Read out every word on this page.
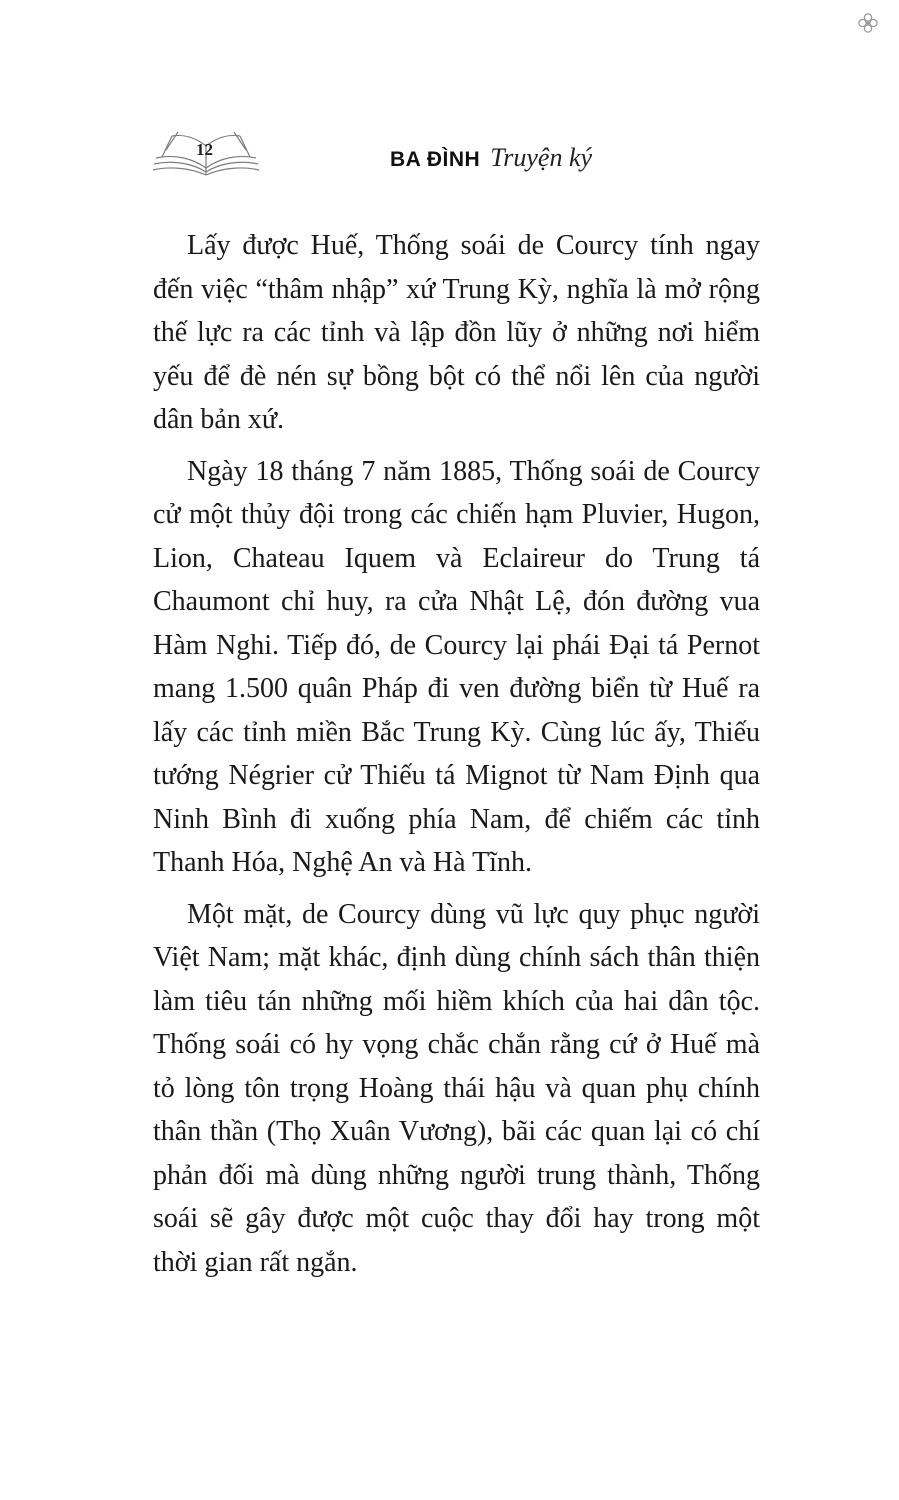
12	BA ĐÌNH Truyện ký

Lấy được Huế, Thống soái de Courcy tính ngay đến việc “thâm nhập” xứ Trung Kỳ, nghĩa là mở rộng thế lực ra các tỉnh và lập đồn lũy ở những nơi hiểm yếu để đè nén sự bồng bột có thể nổi lên của người dân bản xứ.

Ngày 18 tháng 7 năm 1885, Thống soái de Courcy cử một thủy đội trong các chiến hạm Pluvier, Hugon, Lion, Chateau Iquem và Eclaireur do Trung tá Chaumont chỉ huy, ra cửa Nhật Lệ, đón đường vua Hàm Nghi. Tiếp đó, de Courcy lại phái Đại tá Pernot mang 1.500 quân Pháp đi ven đường biển từ Huế ra lấy các tỉnh miền Bắc Trung Kỳ. Cùng lúc ấy, Thiếu tướng Négrier cử Thiếu tá Mignot từ Nam Định qua Ninh Bình đi xuống phía Nam, để chiếm các tỉnh Thanh Hóa, Nghệ An và Hà Tĩnh.

Một mặt, de Courcy dùng vũ lực quy phục người Việt Nam; mặt khác, định dùng chính sách thân thiện làm tiêu tán những mối hiềm khích của hai dân tộc. Thống soái có hy vọng chắc chắn rằng cứ ở Huế mà tỏ lòng tôn trọng Hoàng thái hậu và quan phụ chính thân thần (Thọ Xuân Vương), bãi các quan lại có chí phản đối mà dùng những người trung thành, Thống soái sẽ gây được một cuộc thay đổi hay trong một thời gian rất ngắn.
